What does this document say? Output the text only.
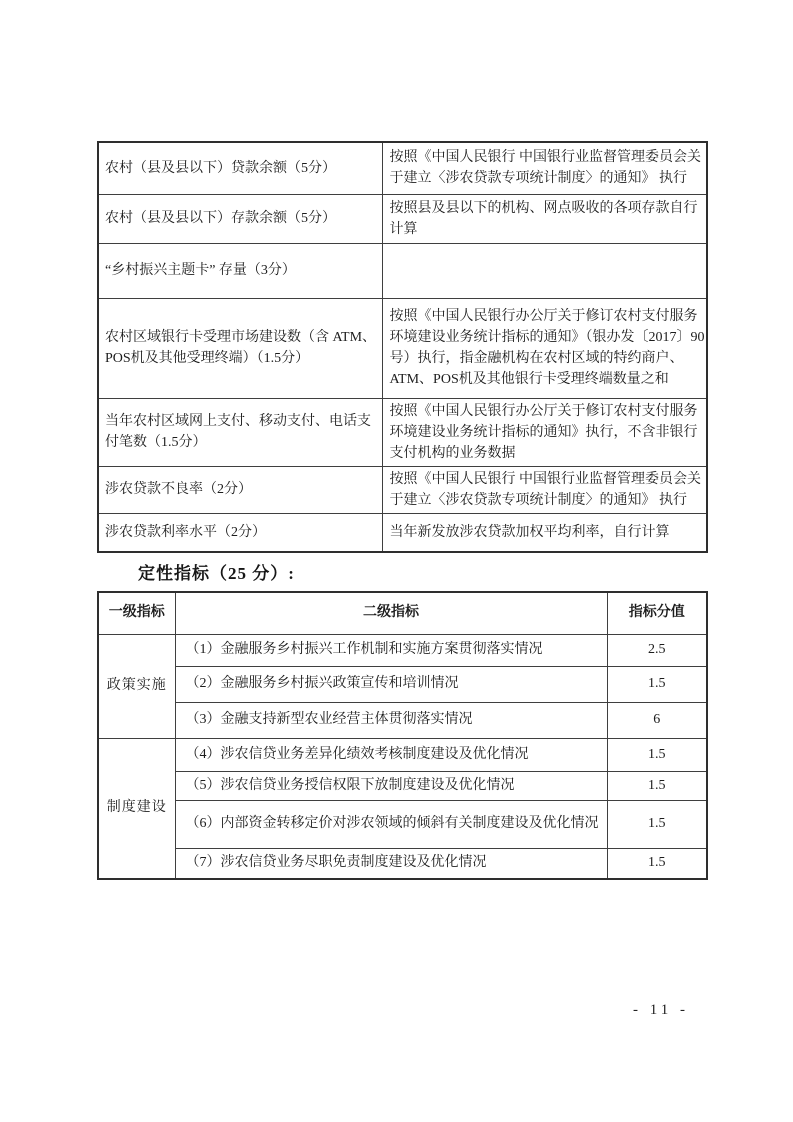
农村（县及县以下）贷款余额（5分）	按照《中国人民银行 中国银行业监督管理委员会关于建立〈涉农贷款专项统计制度〉的通知》 执行
农村（县及县以下）存款余额（5分）	按照县及县以下的机构、网点吸收的各项存款自行计算
“乡村振兴主题卡” 存量（3分）	
农村区域银行卡受理市场建设数（含 ATM、POS机及其他受理终端）（1.5分）	按照《中国人民银行办公厅关于修订农村支付服务环境建设业务统计指标的通知》（银办发〔2017〕90号）执行，指金融机构在农村区域的特约商户、ATM、POS机及其他银行卡受理终端数量之和
当年农村区域网上支付、移动支付、电话支付笔数（1.5分）	按照《中国人民银行办公厅关于修订农村支付服务环境建设业务统计指标的通知》执行，不含非银行支付机构的业务数据
涉农贷款不良率（2分）	按照《中国人民银行 中国银行业监督管理委员会关于建立〈涉农贷款专项统计制度〉的通知》 执行
涉农贷款利率水平（2分）	当年新发放涉农贷款加权平均利率，自行计算
定性指标（25 分）:
一级指标	二级指标	指标分值
政策实施	（1）金融服务乡村振兴工作机制和实施方案贯彻落实情况	2.5
	（2）金融服务乡村振兴政策宣传和培训情况	1.5
	（3）金融支持新型农业经营主体贯彻落实情况	6
制度建设	（4）涉农信贷业务差异化绩效考核制度建设及优化情况	1.5
	（5）涉农信贷业务授信权限下放制度建设及优化情况	1.5
	（6）内部资金转移定价对涉农领域的倾斜有关制度建设及优化情况	1.5
	（7）涉农信贷业务尽职免责制度建设及优化情况	1.5
- 11 -
